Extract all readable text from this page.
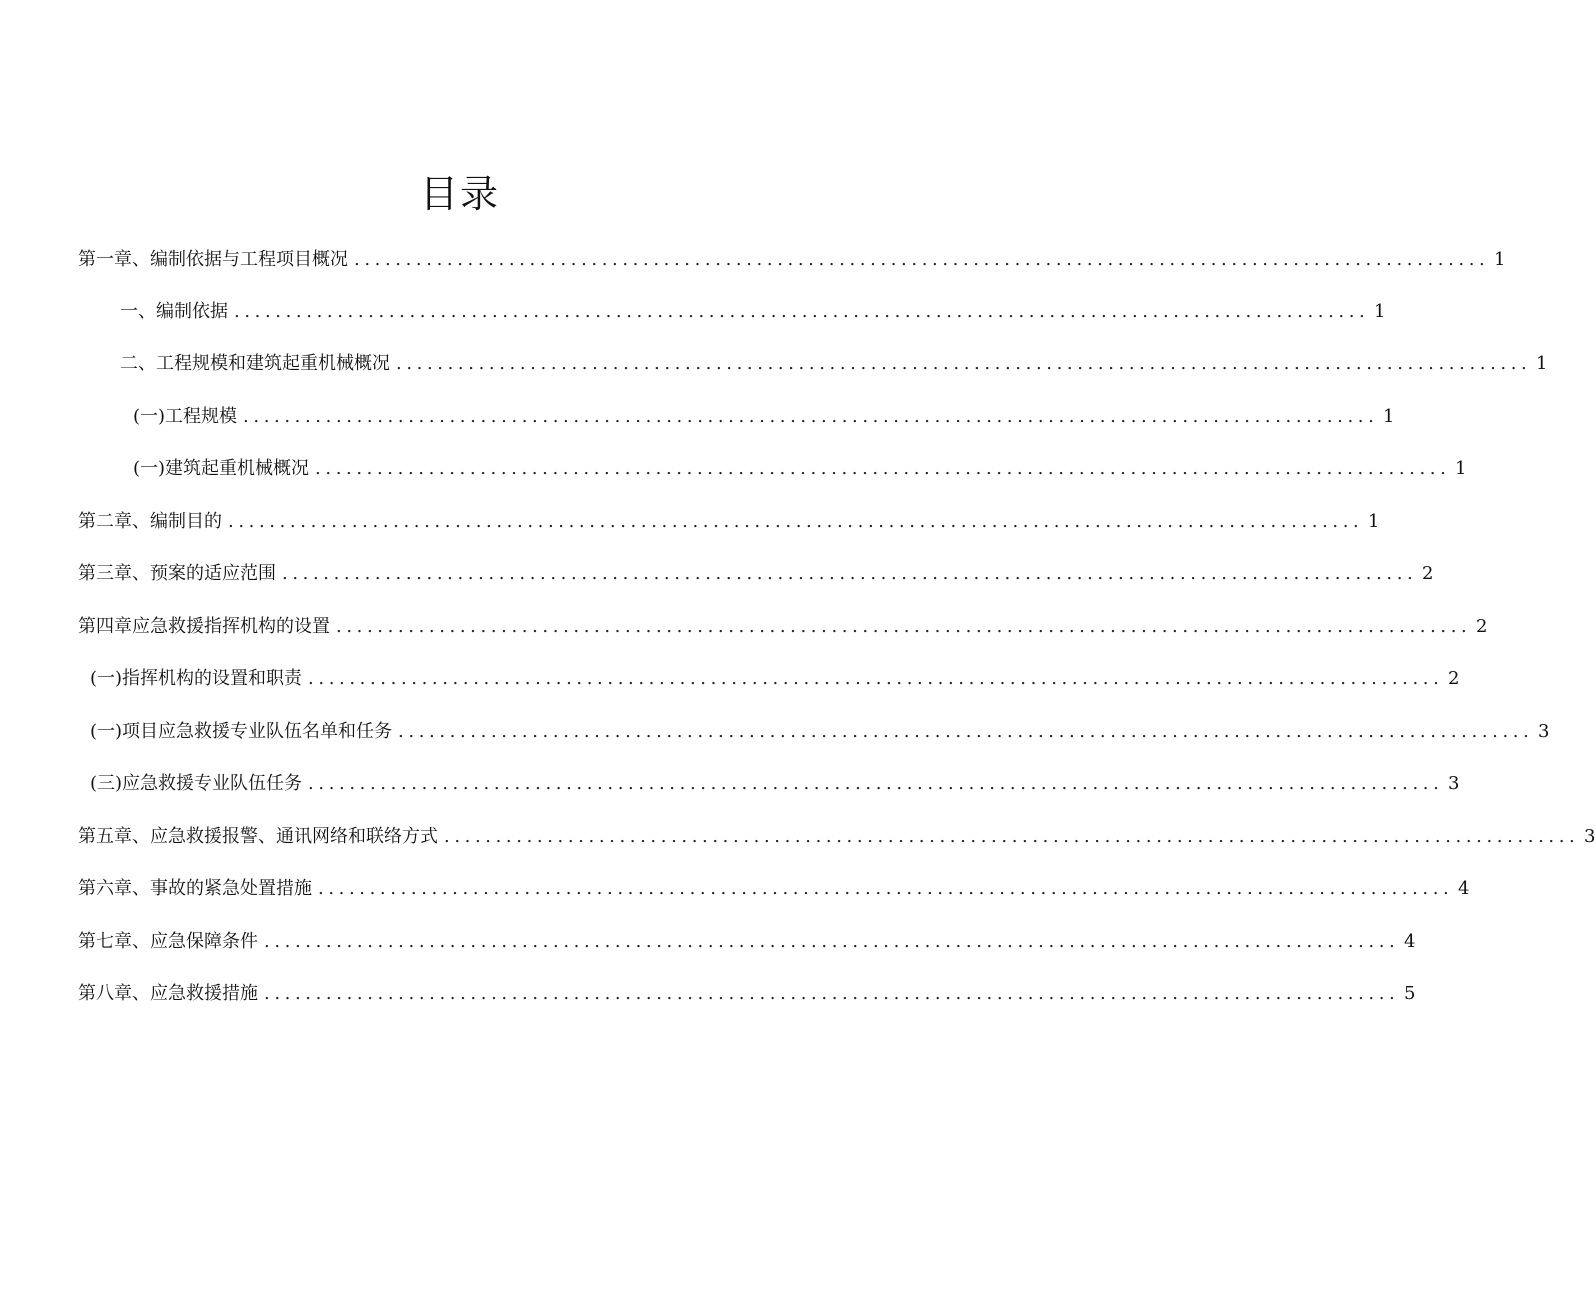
目录
第一章、编制依据与工程项目概况 .............................................................................................................. 1
一、编制依据 .............................................................................................................. 1
二、工程规模和建筑起重机械概况 .............................................................................................................. 1
(一)工程规模 .............................................................................................................. 1
(一)建筑起重机械概况 .............................................................................................................. 1
第二章、编制目的 .............................................................................................................. 1
第三章、预案的适应范围 .............................................................................................................. 2
第四章应急救援指挥机构的设置 .............................................................................................................. 2
(一)指挥机构的设置和职责 .............................................................................................................. 2
(一)项目应急救援专业队伍名单和任务 .............................................................................................................. 3
(三)应急救援专业队伍任务 .............................................................................................................. 3
第五章、应急救援报警、通讯网络和联络方式 .............................................................................................................. 3
第六章、事故的紧急处置措施 .............................................................................................................. 4
第七章、应急保障条件 .............................................................................................................. 4
第八章、应急救援措施 .............................................................................................................. 5
